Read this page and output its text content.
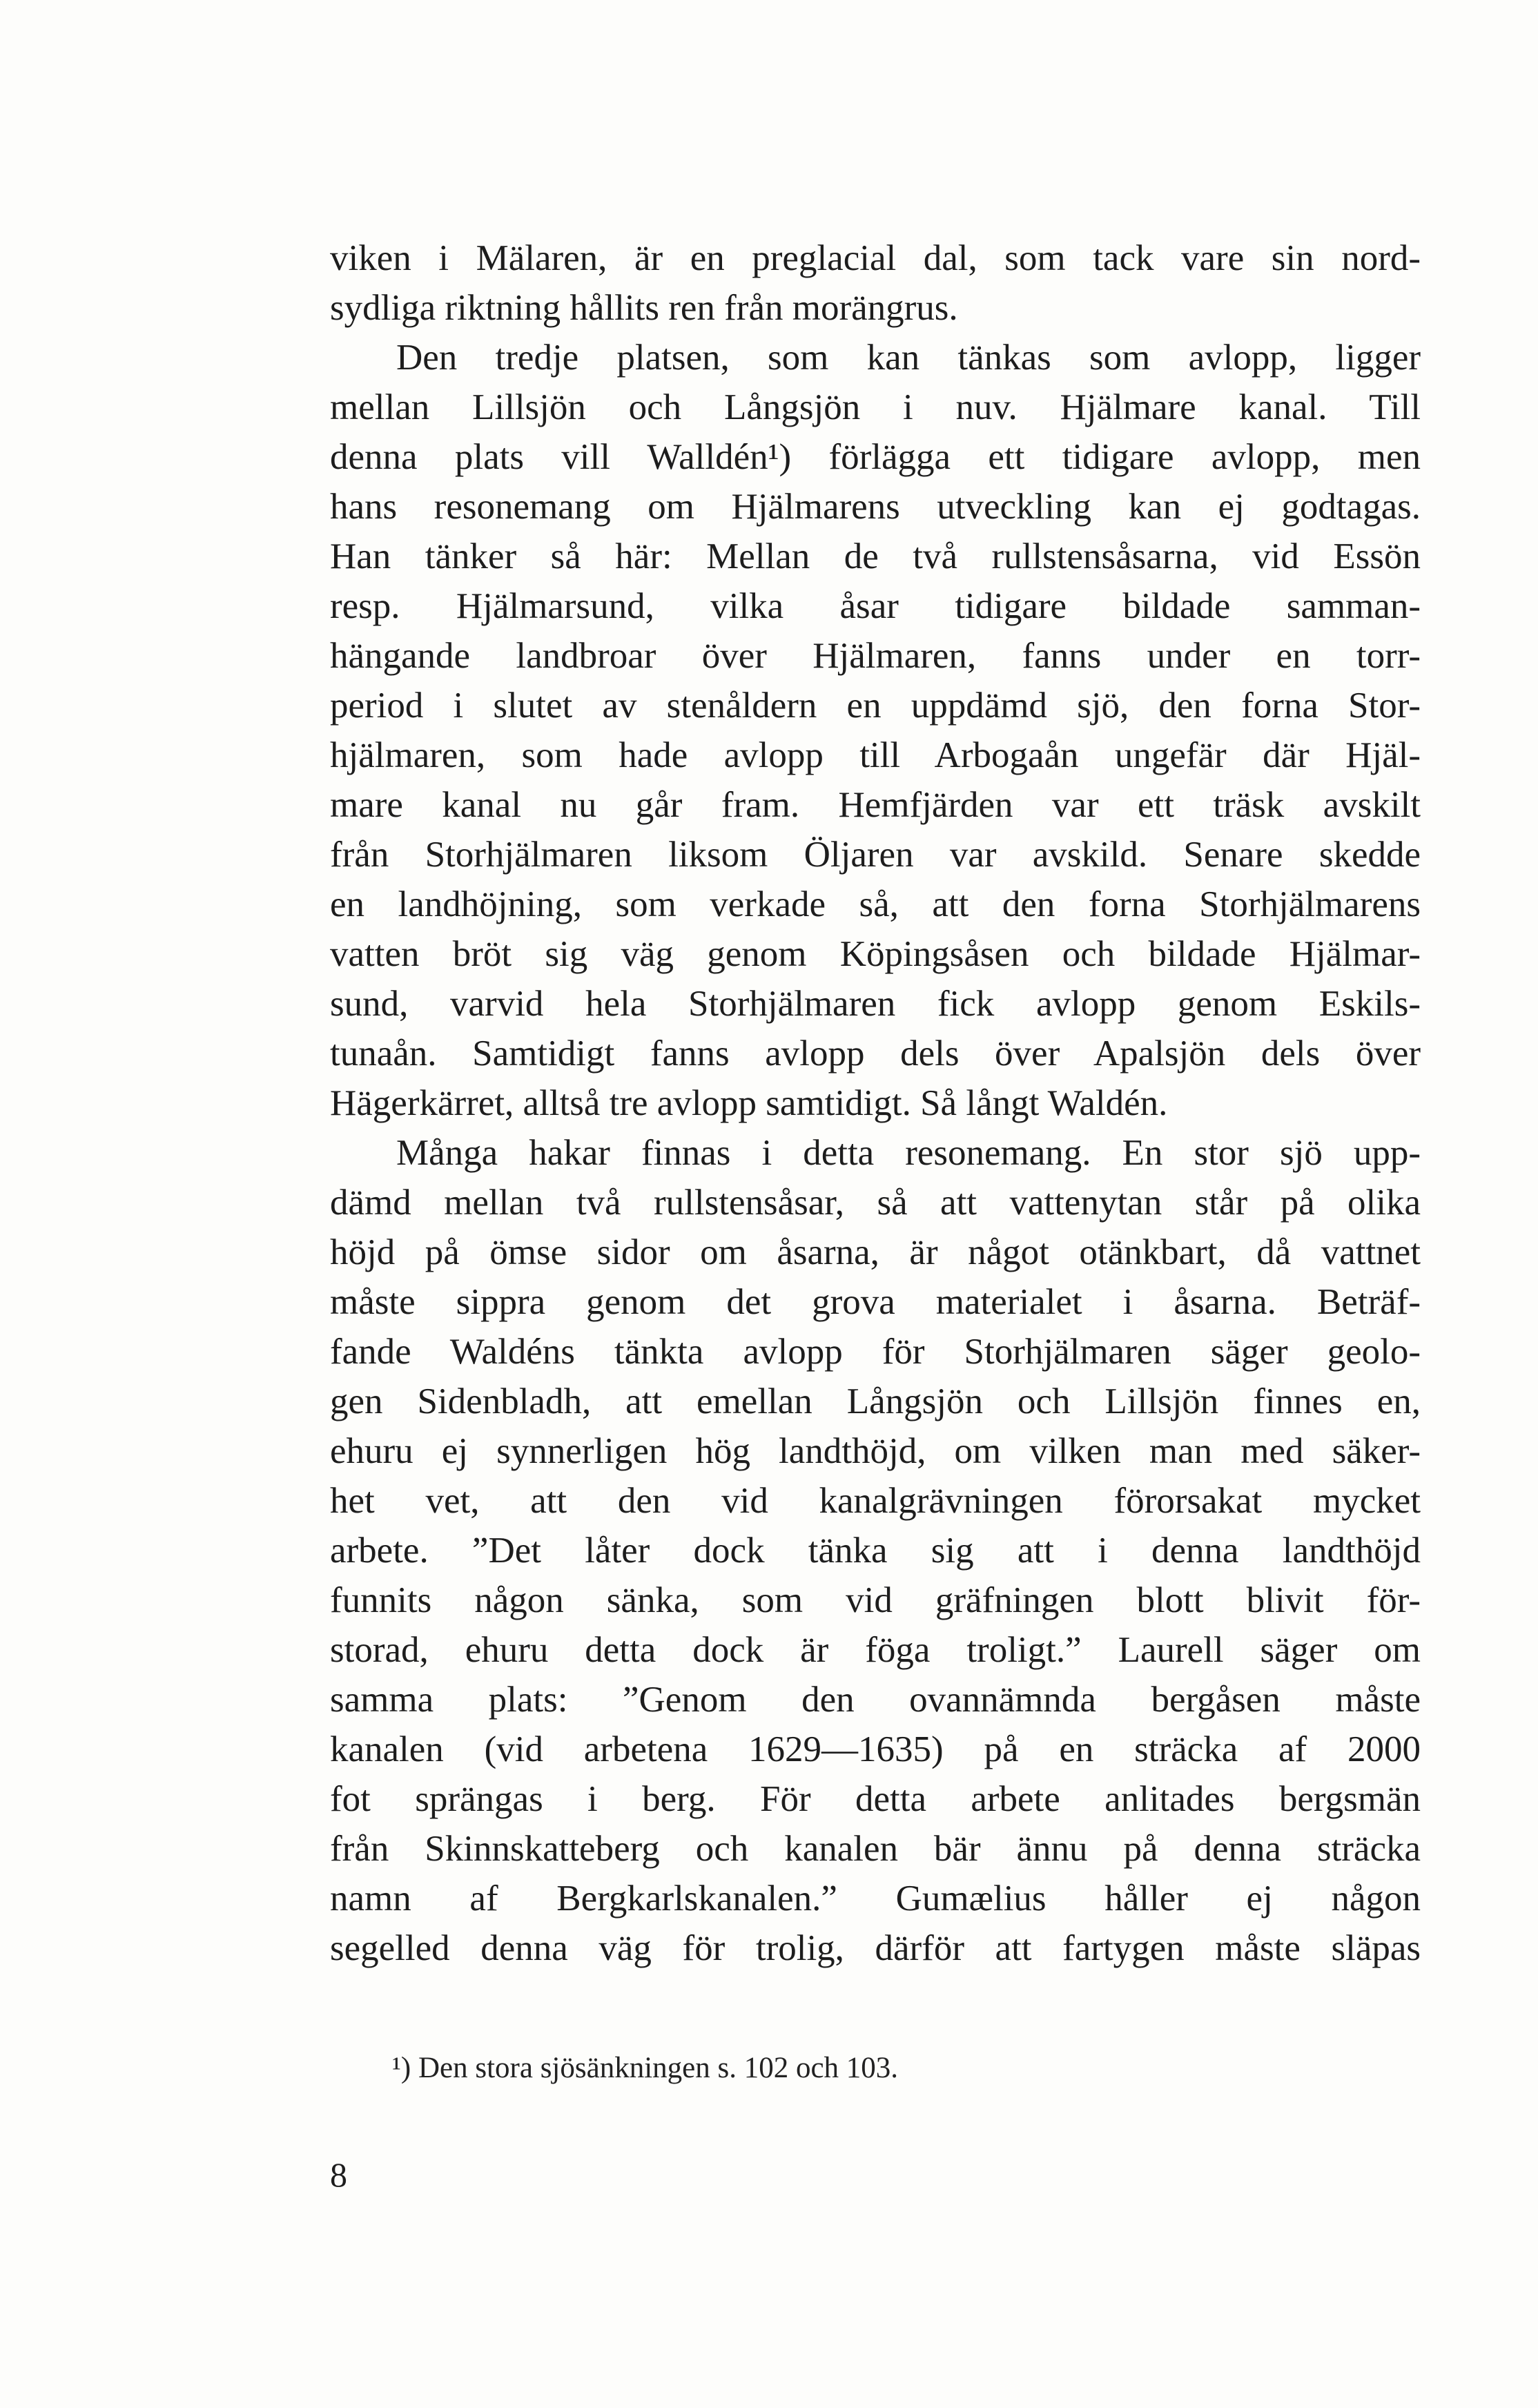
viken i Mälaren, är en preglacial dal, som tack vare sin nord-
sydliga riktning hållits ren från morängrus.
Den tredje platsen, som kan tänkas som avlopp, ligger
mellan Lillsjön och Långsjön i nuv. Hjälmare kanal. Till
denna plats vill Walldén¹) förlägga ett tidigare avlopp, men
hans resonemang om Hjälmarens utveckling kan ej godtagas.
Han tänker så här: Mellan de två rullstensåsarna, vid Essön
resp. Hjälmarsund, vilka åsar tidigare bildade samman-
hängande landbroar över Hjälmaren, fanns under en torr-
period i slutet av stenåldern en uppdämd sjö, den forna Stor-
hjälmaren, som hade avlopp till Arbogaån ungefär där Hjäl-
mare kanal nu går fram. Hemfjärden var ett träsk avskilt
från Storhjälmaren liksom Öljaren var avskild. Senare skedde
en landhöjning, som verkade så, att den forna Storhjälmarens
vatten bröt sig väg genom Köpingsåsen och bildade Hjälmar-
sund, varvid hela Storhjälmaren fick avlopp genom Eskils-
tunaån. Samtidigt fanns avlopp dels över Apalsjön dels över
Hägerkärret, alltså tre avlopp samtidigt. Så långt Waldén.
Många hakar finnas i detta resonemang. En stor sjö upp-
dämd mellan två rullstensåsar, så att vattenytan står på olika
höjd på ömse sidor om åsarna, är något otänkbart, då vattnet
måste sippra genom det grova materialet i åsarna. Beträf-
fande Waldéns tänkta avlopp för Storhjälmaren säger geolo-
gen Sidenbladh, att emellan Långsjön och Lillsjön finnes en,
ehuru ej synnerligen hög landthöjd, om vilken man med säker-
het vet, att den vid kanalgrävningen förorsakat mycket
arbete. ”Det låter dock tänka sig att i denna landthöjd
funnits någon sänka, som vid gräfningen blott blivit för-
storad, ehuru detta dock är föga troligt.” Laurell säger om
samma plats: ”Genom den ovannämnda bergåsen måste
kanalen (vid arbetena 1629—1635) på en sträcka af 2000
fot sprängas i berg. För detta arbete anlitades bergsmän
från Skinnskatteberg och kanalen bär ännu på denna sträcka
namn af Bergkarlskanalen.” Gumælius håller ej någon
segelled denna väg för trolig, därför att fartygen måste släpas
¹) Den stora sjösänkningen s. 102 och 103.
8
